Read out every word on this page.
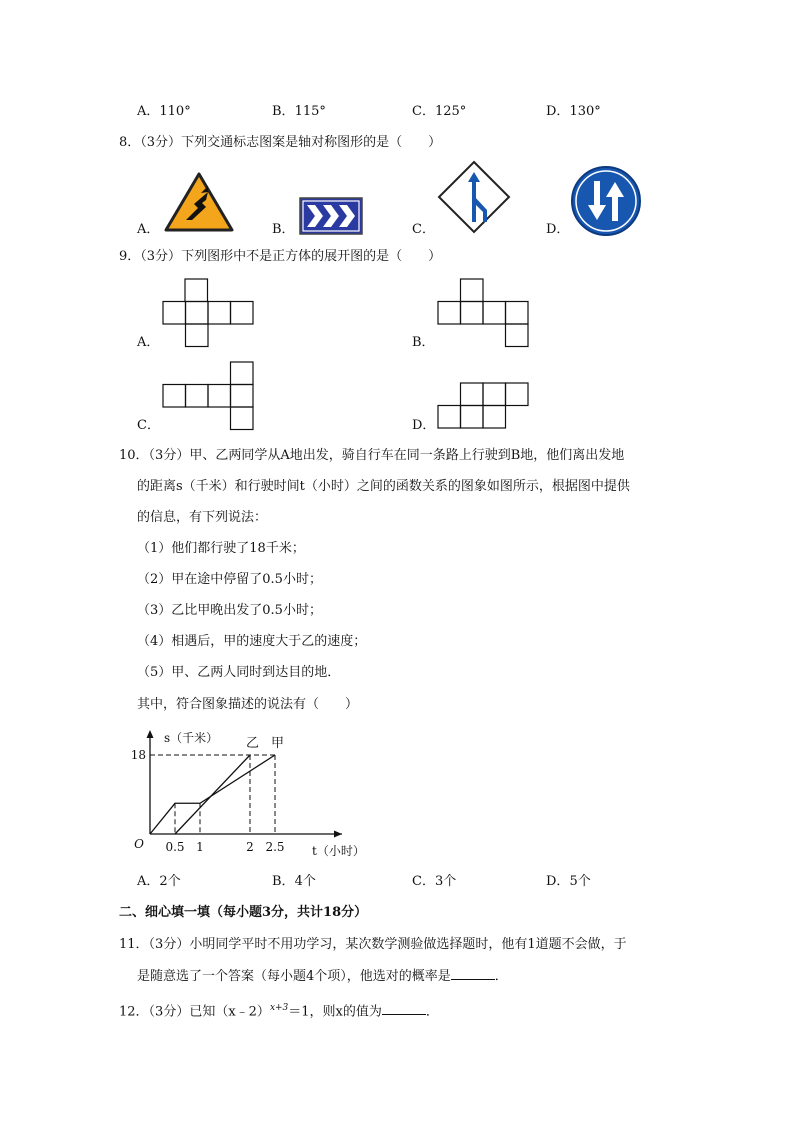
A．110°	B．115°	C．125°	D．130°
8．（3分）下列交通标志图案是轴对称图形的是（　　）
A．	B．	C．	D．
9．（3分）下列图形中不是正方体的展开图的是（　　）
A．	B．
C．	D．
10．（3分）甲、乙两同学从A地出发，骑自行车在同一条路上行驶到B地，他们离出发地
的距离s（千米）和行驶时间t（小时）之间的函数关系的图象如图所示，根据图中提供
的信息，有下列说法：
（1）他们都行驶了18千米；
（2）甲在途中停留了0.5小时；
（3）乙比甲晚出发了0.5小时；
（4）相遇后，甲的速度大于乙的速度；
（5）甲、乙两人同时到达目的地．
其中，符合图象描述的说法有（　　）
0.5 1	2 2.5
18
O
s（千米）
t（小时）
乙 甲
A．2个	B．4个	C．3个	D．5个
二、细心填一填（每小题3分，共计18分）
11．（3分）小明同学平时不用功学习，某次数学测验做选择题时，他有1道题不会做，于
是随意选了一个答案（每小题4个项），他选对的概率是	．
12．（3分）已知（x﹣2）$^{x+3}$＝1，则x的值为	．
